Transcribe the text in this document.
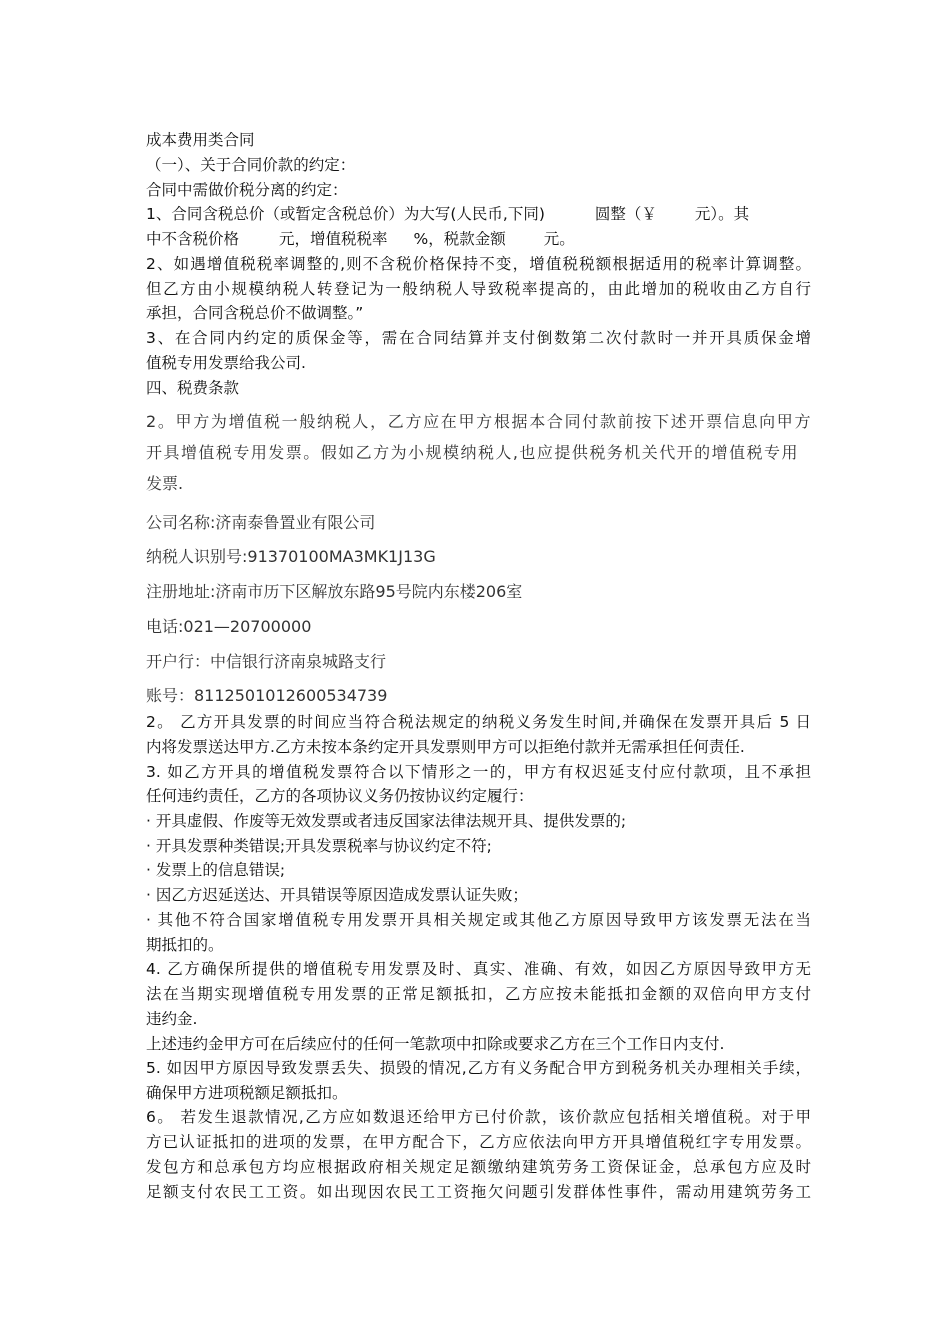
成本费用类合同
（一）、关于合同价款的约定：
合同中需做价税分离的约定：
1、合同含税总价（或暂定含税总价）为大写(人民币,下同)	圆整（￥ 元）。其
中不含税价格	元，增值税税率 %，税款金额 元。
2、如遇增值税税率调整的,则不含税价格保持不变，增值税税额根据适用的税率计算调整。
但乙方由小规模纳税人转登记为一般纳税人导致税率提高的，由此增加的税收由乙方自行
承担，合同含税总价不做调整。”
3、在合同内约定的质保金等，需在合同结算并支付倒数第二次付款时一并开具质保金增
值税专用发票给我公司.
四、税费条款
2。甲方为增值税一般纳税人，乙方应在甲方根据本合同付款前按下述开票信息向甲方
开具增值税专用发票。假如乙方为小规模纳税人,也应提供税务机关代开的增值税专用
发票.
公司名称:济南泰鲁置业有限公司
纳税人识别号:91370100MA3MK1J13G
注册地址:济南市历下区解放东路95号院内东楼206室
电话:021—20700000
开户行：中信银行济南泉城路支行
账号：8112501012600534739
2。 乙方开具发票的时间应当符合税法规定的纳税义务发生时间,并确保在发票开具后 5 日
内将发票送达甲方.乙方未按本条约定开具发票则甲方可以拒绝付款并无需承担任何责任.
3. 如乙方开具的增值税发票符合以下情形之一的，甲方有权迟延支付应付款项，且不承担
任何违约责任，乙方的各项协议义务仍按协议约定履行：
· 开具虚假、作废等无效发票或者违反国家法律法规开具、提供发票的;
· 开具发票种类错误;开具发票税率与协议约定不符;
· 发票上的信息错误;
· 因乙方迟延送达、开具错误等原因造成发票认证失败；
· 其他不符合国家增值税专用发票开具相关规定或其他乙方原因导致甲方该发票无法在当
期抵扣的。
4. 乙方确保所提供的增值税专用发票及时、真实、准确、有效，如因乙方原因导致甲方无
法在当期实现增值税专用发票的正常足额抵扣，乙方应按未能抵扣金额的双倍向甲方支付
违约金.
上述违约金甲方可在后续应付的任何一笔款项中扣除或要求乙方在三个工作日内支付.
5. 如因甲方原因导致发票丢失、损毁的情况,乙方有义务配合甲方到税务机关办理相关手续，
确保甲方进项税额足额抵扣。
6。 若发生退款情况,乙方应如数退还给甲方已付价款，该价款应包括相关增值税。对于甲
方已认证抵扣的进项的发票，在甲方配合下，乙方应依法向甲方开具增值税红字专用发票。
发包方和总承包方均应根据政府相关规定足额缴纳建筑劳务工资保证金，总承包方应及时
足额支付农民工工资。如出现因农民工工资拖欠问题引发群体性事件，需动用建筑劳务工
